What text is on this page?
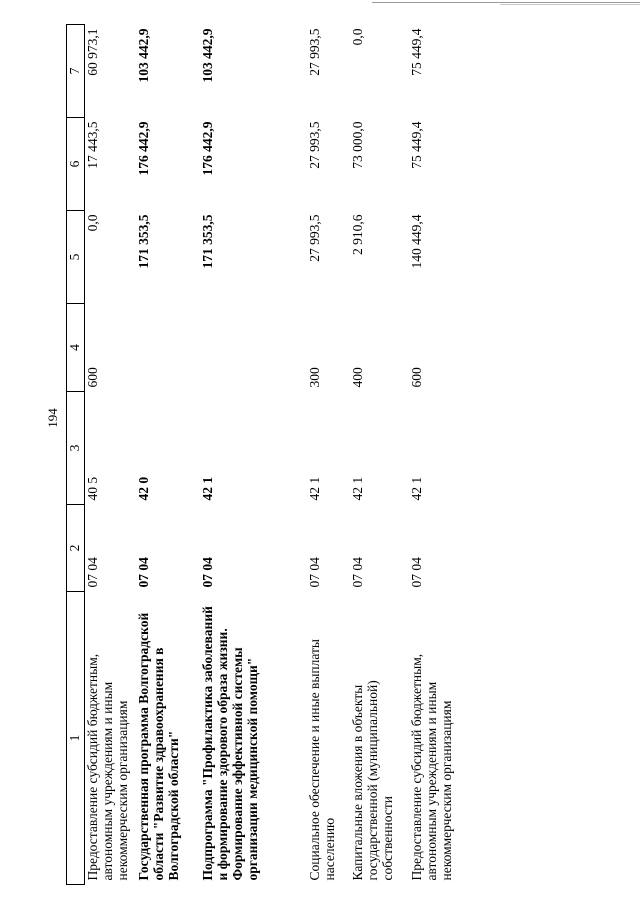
194
1	2	3	4	5	6	7
Предоставление субсидий бюджетным, автономным учреждениям и иным некоммерческим организациям	07 04	40 5	600	0,0	17 443,5	60 973,1
Государственная программа Волгоградской области "Развитие здравоохранения в Волгоградской области"	07 04	42 0		171 353,5	176 442,9	103 442,9
Подпрограмма "Профилактика заболеваний и формирование здорового образа жизни. Формирование эффективной системы организации медицинской помощи"	07 04	42 1		171 353,5	176 442,9	103 442,9
Социальное обеспечение и иные выплаты населению	07 04	42 1	300	27 993,5	27 993,5	27 993,5
Капитальные вложения в объекты государственной (муниципальной) собственности	07 04	42 1	400	2 910,6	73 000,0	0,0
Предоставление субсидий бюджетным, автономным учреждениям и иным некоммерческим организациям	07 04	42 1	600	140 449,4	75 449,4	75 449,4
